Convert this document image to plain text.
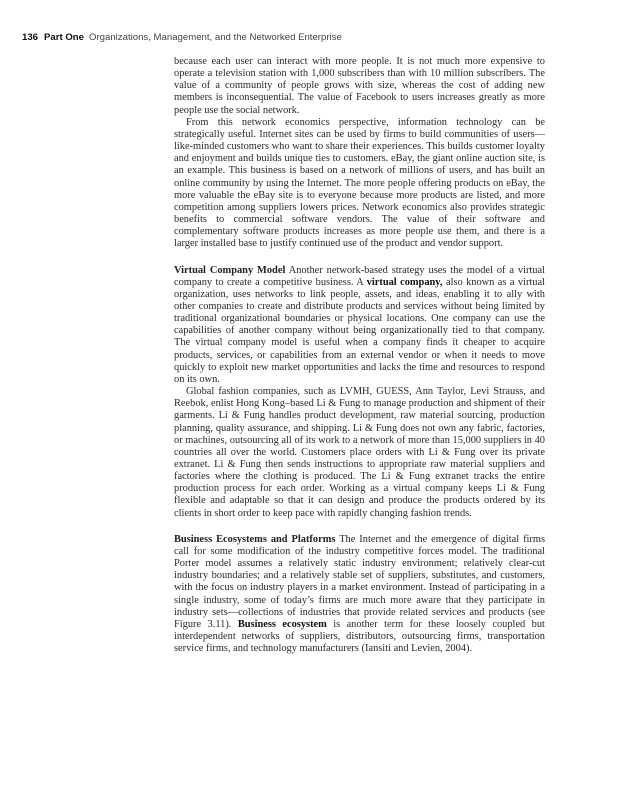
136 Part One Organizations, Management, and the Networked Enterprise

because each user can interact with more people. It is not much more expensive to operate a television station with 1,000 subscribers than with 10 million subscribers. The value of a community of people grows with size, whereas the cost of adding new members is inconsequential. The value of Facebook to users increases greatly as more people use the social network.

From this network economics perspective, information technology can be strategically useful. Internet sites can be used by firms to build communities of users—like-minded customers who want to share their experiences. This builds customer loyalty and enjoyment and builds unique ties to customers. eBay, the giant online auction site, is an example. This business is based on a network of millions of users, and has built an online community by using the Internet. The more people offering products on eBay, the more valuable the eBay site is to everyone because more products are listed, and more competition among suppliers lowers prices. Network economics also provides strategic benefits to commercial software vendors. The value of their software and complementary software products increases as more people use them, and there is a larger installed base to justify continued use of the product and vendor support.

Virtual Company Model Another network-based strategy uses the model of a virtual company to create a competitive business. A virtual company, also known as a virtual organization, uses networks to link people, assets, and ideas, enabling it to ally with other companies to create and distribute products and services without being limited by traditional organizational boundaries or physical locations. One company can use the capabilities of another company without being organizationally tied to that company. The virtual company model is useful when a company finds it cheaper to acquire products, services, or capabilities from an external vendor or when it needs to move quickly to exploit new market opportunities and lacks the time and resources to respond on its own.

Global fashion companies, such as LVMH, GUESS, Ann Taylor, Levi Strauss, and Reebok, enlist Hong Kong–based Li & Fung to manage production and shipment of their garments. Li & Fung handles product development, raw material sourcing, production planning, quality assurance, and shipping. Li & Fung does not own any fabric, factories, or machines, outsourcing all of its work to a network of more than 15,000 suppliers in 40 countries all over the world. Customers place orders with Li & Fung over its private extranet. Li & Fung then sends instructions to appropriate raw material suppliers and factories where the clothing is produced. The Li & Fung extranet tracks the entire production process for each order. Working as a virtual company keeps Li & Fung flexible and adaptable so that it can design and produce the products ordered by its clients in short order to keep pace with rapidly changing fashion trends.

Business Ecosystems and Platforms The Internet and the emergence of digital firms call for some modification of the industry competitive forces model. The traditional Porter model assumes a relatively static industry environment; relatively clear-cut industry boundaries; and a relatively stable set of suppliers, substitutes, and customers, with the focus on industry players in a market environment. Instead of participating in a single industry, some of today’s firms are much more aware that they participate in industry sets—collections of industries that provide related services and products (see Figure 3.11). Business ecosystem is another term for these loosely coupled but interdependent networks of suppliers, distributors, outsourcing firms, transportation service firms, and technology manufacturers (Iansiti and Levien, 2004).
